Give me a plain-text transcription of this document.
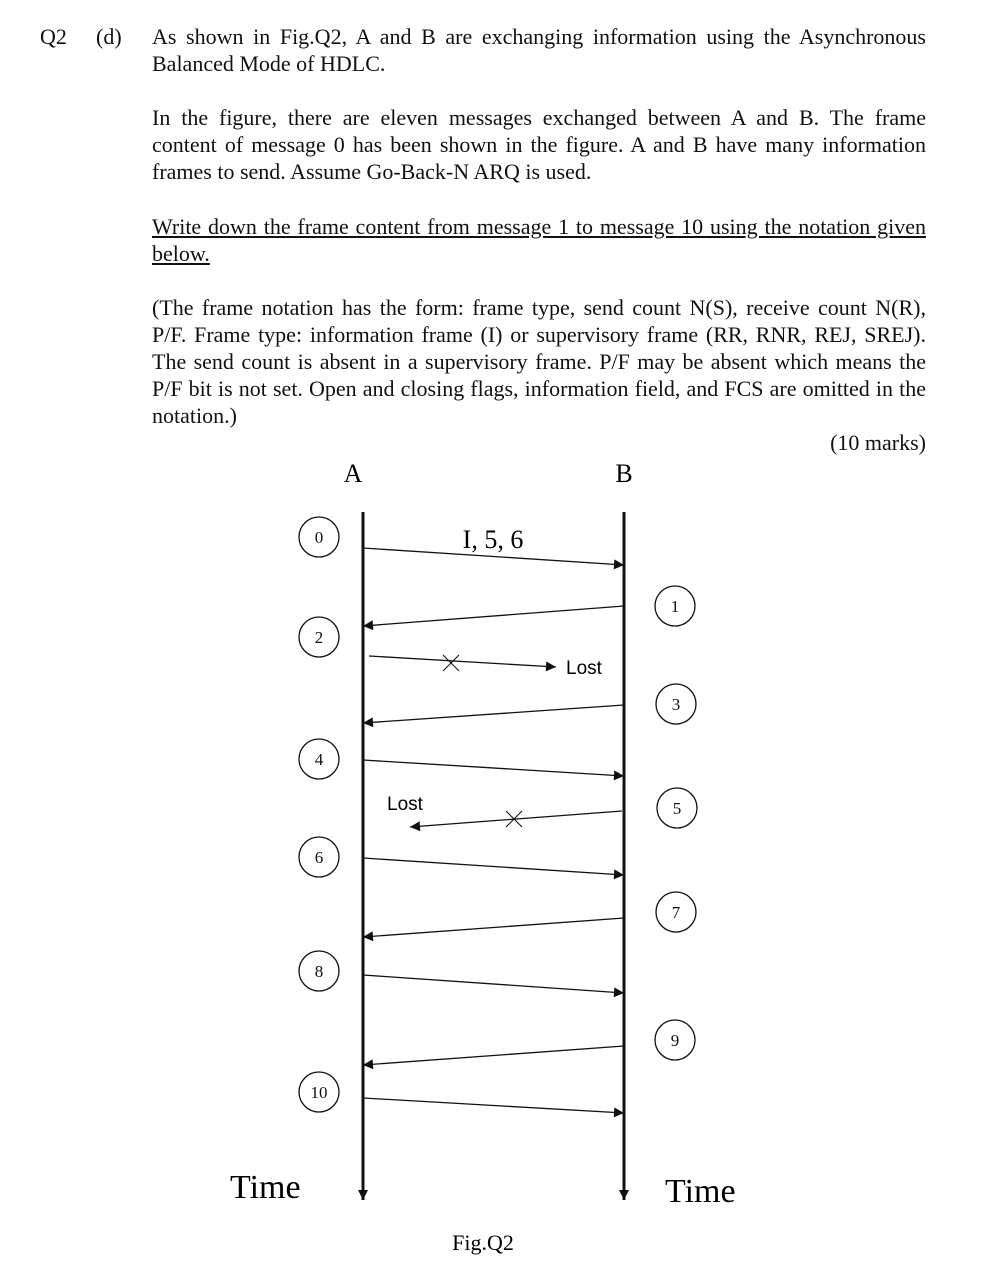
Q2 (d) As shown in Fig.Q2, A and B are exchanging information using the Asynchronous Balanced Mode of HDLC.

In the figure, there are eleven messages exchanged between A and B. The frame content of message 0 has been shown in the figure. A and B have many information frames to send. Assume Go-Back-N ARQ is used.

Write down the frame content from message 1 to message 10 using the notation given below.

(The frame notation has the form: frame type, send count N(S), receive count N(R), P/F. Frame type: information frame (I) or supervisory frame (RR, RNR, REJ, SREJ). The send count is absent in a supervisory frame. P/F may be absent which means the P/F bit is not set. Open and closing flags, information field, and FCS are omitted in the notation.)

(10 marks)
A	B
I, 5, 6
Lost
Lost
0
1
2
3
4
5
6
7
8
9
10
Time	Time
Fig.Q2
